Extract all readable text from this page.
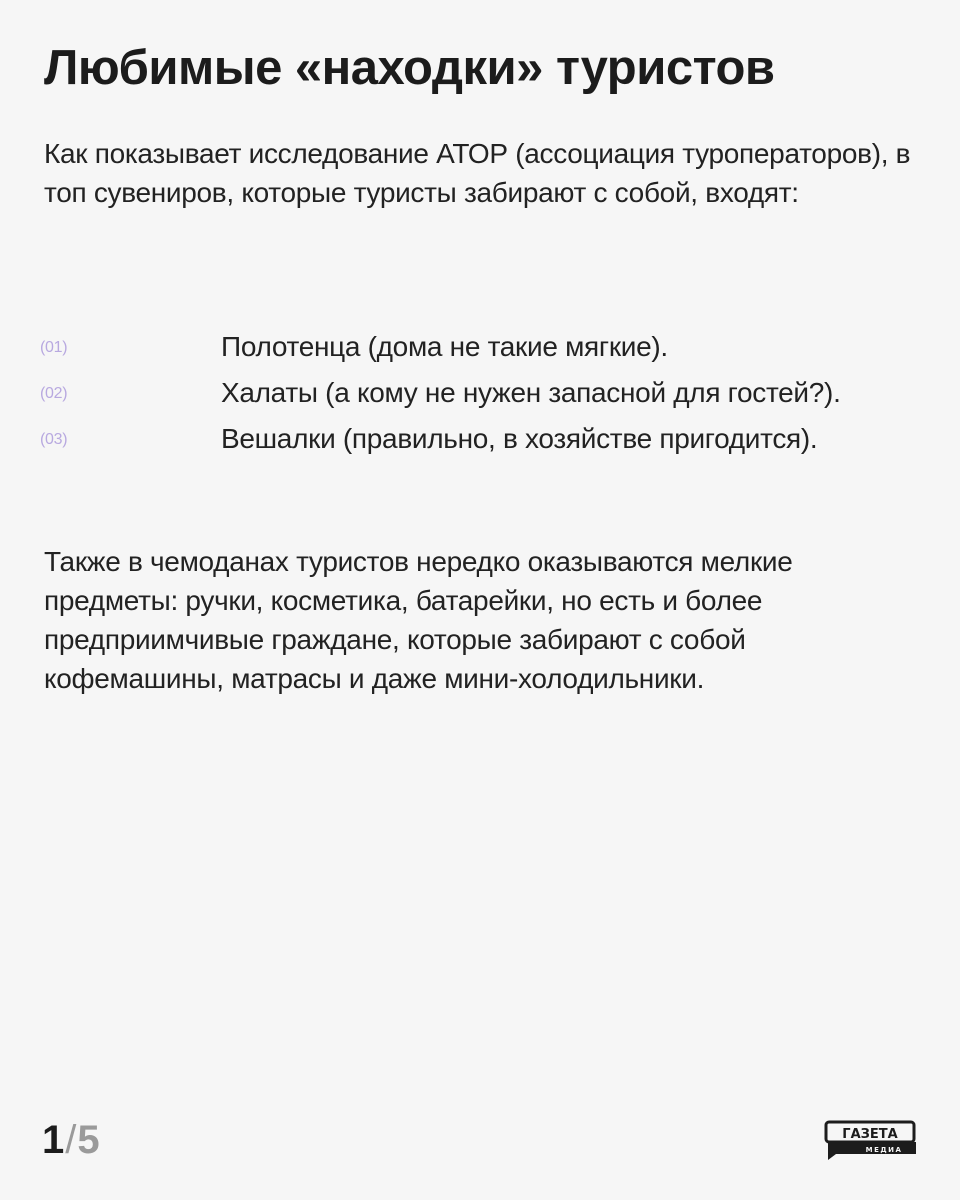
Любимые «находки» туристов

Как показывает исследование АТОР (ассоциация туроператоров), в топ сувениров, которые туристы забирают с собой, входят:

(01)	Полотенца (дома не такие мягкие).
(02)	Халаты (а кому не нужен запасной для гостей?).
(03)	Вешалки (правильно, в хозяйстве пригодится).

Также в чемоданах туристов нередко оказываются мелкие предметы: ручки, косметика, батарейки, но есть и более предприимчивые граждане, которые забирают с собой кофемашины, матрасы и даже мини-холодильники.

1/5	ГАЗЕТА
МЕДИА
